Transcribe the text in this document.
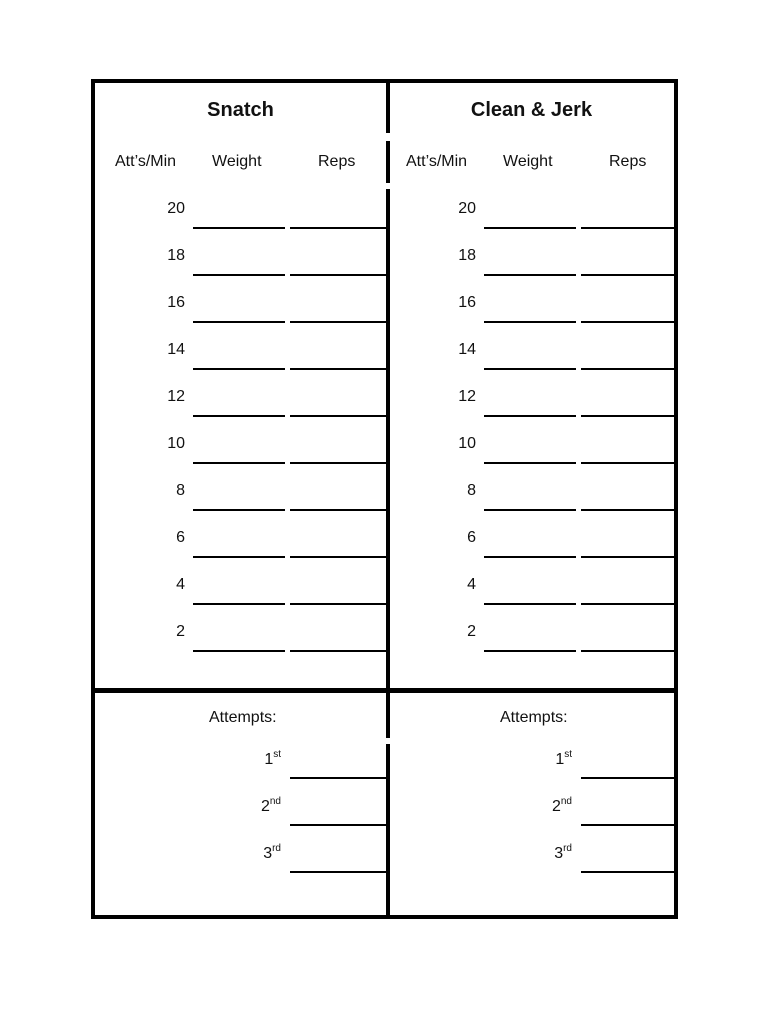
Snatch
Att’s/Min Weight	Reps
20
18
16
14
12
10
8
6
4
2
Attempts:
1st
2nd
3rd
Clean & Jerk
Att’s/Min Weight	Reps
20
18
16
14
12
10
8
6
4
2
Attempts:
1st
2nd
3rd
